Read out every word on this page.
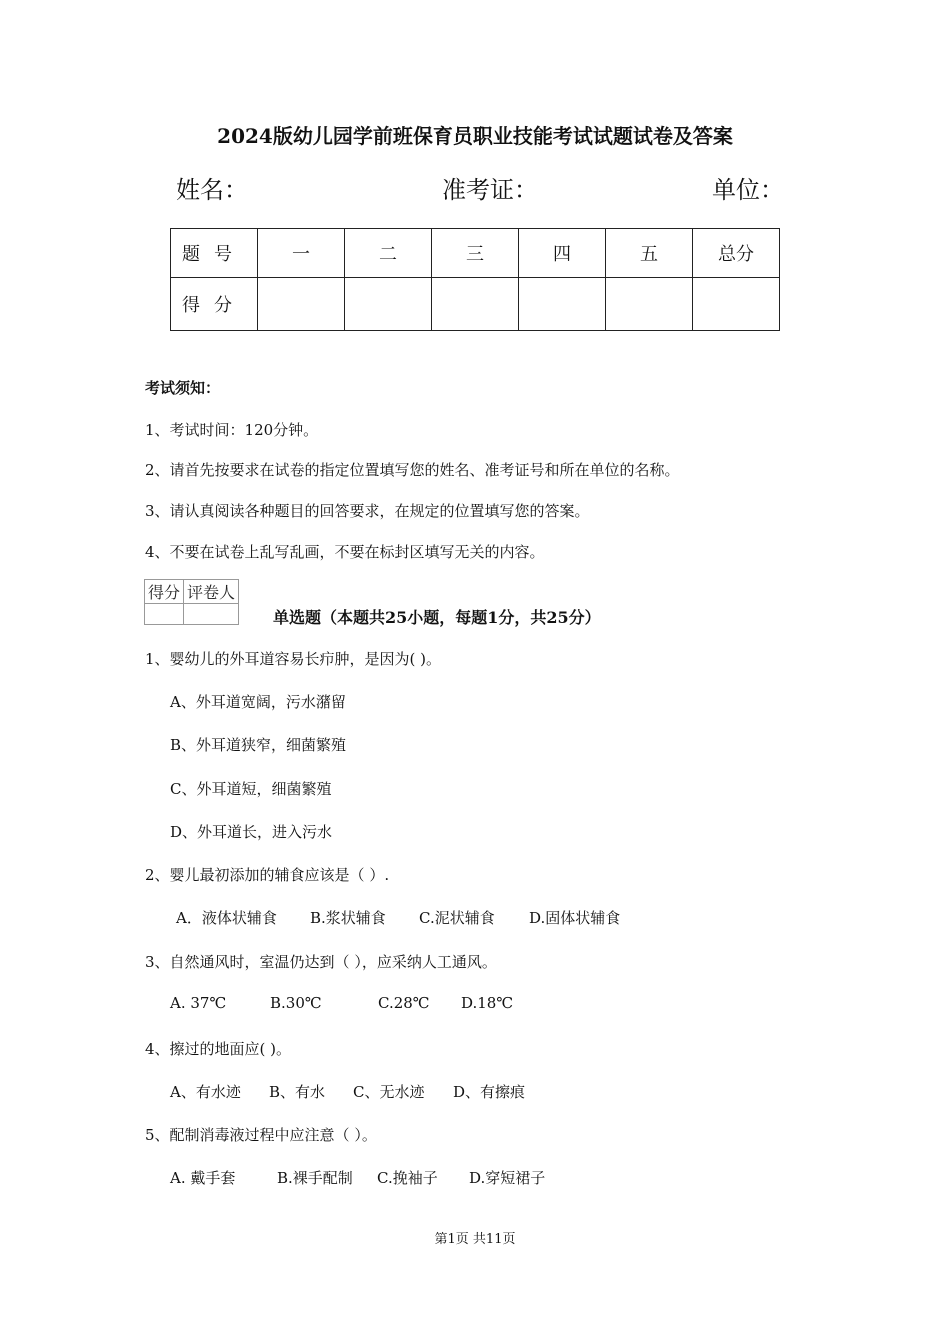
2024版幼儿园学前班保育员职业技能考试试题试卷及答案
姓名：	准考证：	单位：
题号	一	二	三	四	五	总分
得分						
考试须知：
1、考试时间：120分钟。
2、请首先按要求在试卷的指定位置填写您的姓名、准考证号和所在单位的名称。
3、请认真阅读各种题目的回答要求，在规定的位置填写您的答案。
4、不要在试卷上乱写乱画，不要在标封区填写无关的内容。
得分	评卷人

单选题（本题共25小题，每题1分，共25分）
1、婴幼儿的外耳道容易长疖肿，是因为( )。
A、外耳道宽阔，污水潴留
B、外耳道狭窄，细菌繁殖
C、外耳道短，细菌繁殖
D、外耳道长，进入污水
2、婴儿最初添加的辅食应该是（ ）.
A．液体状辅食 B.浆状辅食 C.泥状辅食 D.固体状辅食
3、自然通风时，室温仍达到（ ），应采纳人工通风。
A. 37℃	B.30℃	C.28℃ D.18℃
4、擦过的地面应( )。
A、有水迹 B、有水 C、无水迹 D、有擦痕
5、配制消毒液过程中应注意（ ）。
A. 戴手套	B.裸手配制 C.挽袖子 D.穿短裙子
第1页 共11页
